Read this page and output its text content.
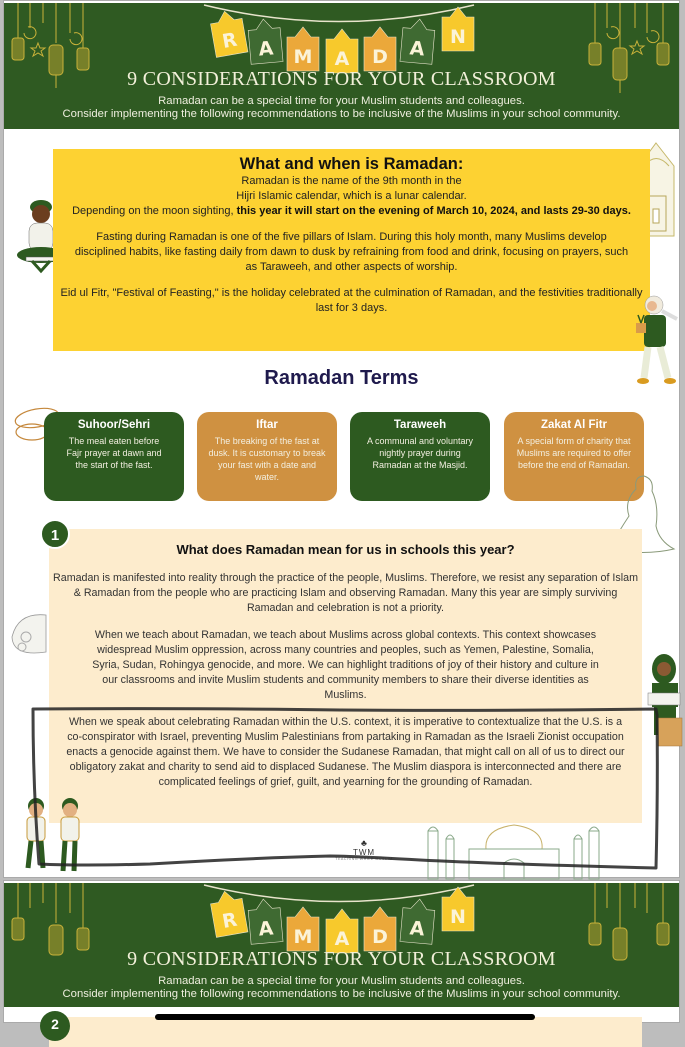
R A M A D A
N
9 CONSIDERATIONS FOR YOUR CLASSROOM
Ramadan can be a special time for your Muslim students and colleagues.
Consider implementing the following recommendations to be inclusive of the Muslims in your school community.
What and when is Ramadan:

Ramadan is the name of the 9th month in the

Hijri Islamic calendar, which is a lunar calendar.

Depending on the moon sighting, this year it will start on the evening of March 10, 2024, and lasts 29-30 days.

Fasting during Ramadan is one of the five pillars of Islam. During this holy month, many Muslims develop disciplined habits, like fasting daily from dawn to dusk by refraining from food and drink, focusing on prayers, such as Taraweeh, and other aspects of worship.

Eid ul Fitr, "Festival of Feasting," is the holiday celebrated at the culmination of Ramadan, and the festivities traditionally last for 3 days.

Ramadan Terms
Suhoor/Sehri

The meal eaten before Fajr prayer at dawn and the start of the fast.

Iftar

The breaking of the fast at dusk. It is customary to break your fast with a date and water.

Taraweeh

A communal and voluntary nightly prayer during Ramadan at the Masjid.

Zakat Al Fitr

A special form of charity that Muslims are required to offer before the end of Ramadan.

1
What does Ramadan mean for us in schools this year?

Ramadan is manifested into reality through the practice of the people, Muslims. Therefore, we resist any separation of Islam & Ramadan from the people who are practicing Islam and observing Ramadan. Many this year are simply surviving Ramadan and celebration is not a priority.

When we teach about Ramadan, we teach about Muslims across global contexts. This context showcases widespread Muslim oppression, across many countries and peoples, such as Yemen, Palestine, Somalia, Syria, Sudan, Rohingya genocide, and more. We can highlight traditions of joy of their history and culture in our classrooms and invite Muslim students and community members to share their diverse identities as Muslims.

When we speak about celebrating Ramadan within the U.S. context, it is imperative to contextualize that the U.S. is a co-conspirator with Israel, preventing Muslim Palestinians from partaking in Ramadan as the Israeli Zionist occupation enacts a genocide against them. We have to consider the Sudanese Ramadan, that might call on all of us to direct our obligatory zakat and charity to send aid to displaced Sudanese. The Muslim diaspora is interconnected and there are complicated feelings of grief, guilt, and yearning for the grounding of Ramadan.

♣
TWM
TEACHING WHILE MUSLIM
R A M A D A
N
9 CONSIDERATIONS FOR YOUR CLASSROOM
Ramadan can be a special time for your Muslim students and colleagues.
Consider implementing the following recommendations to be inclusive of the Muslims in your school community.
2
